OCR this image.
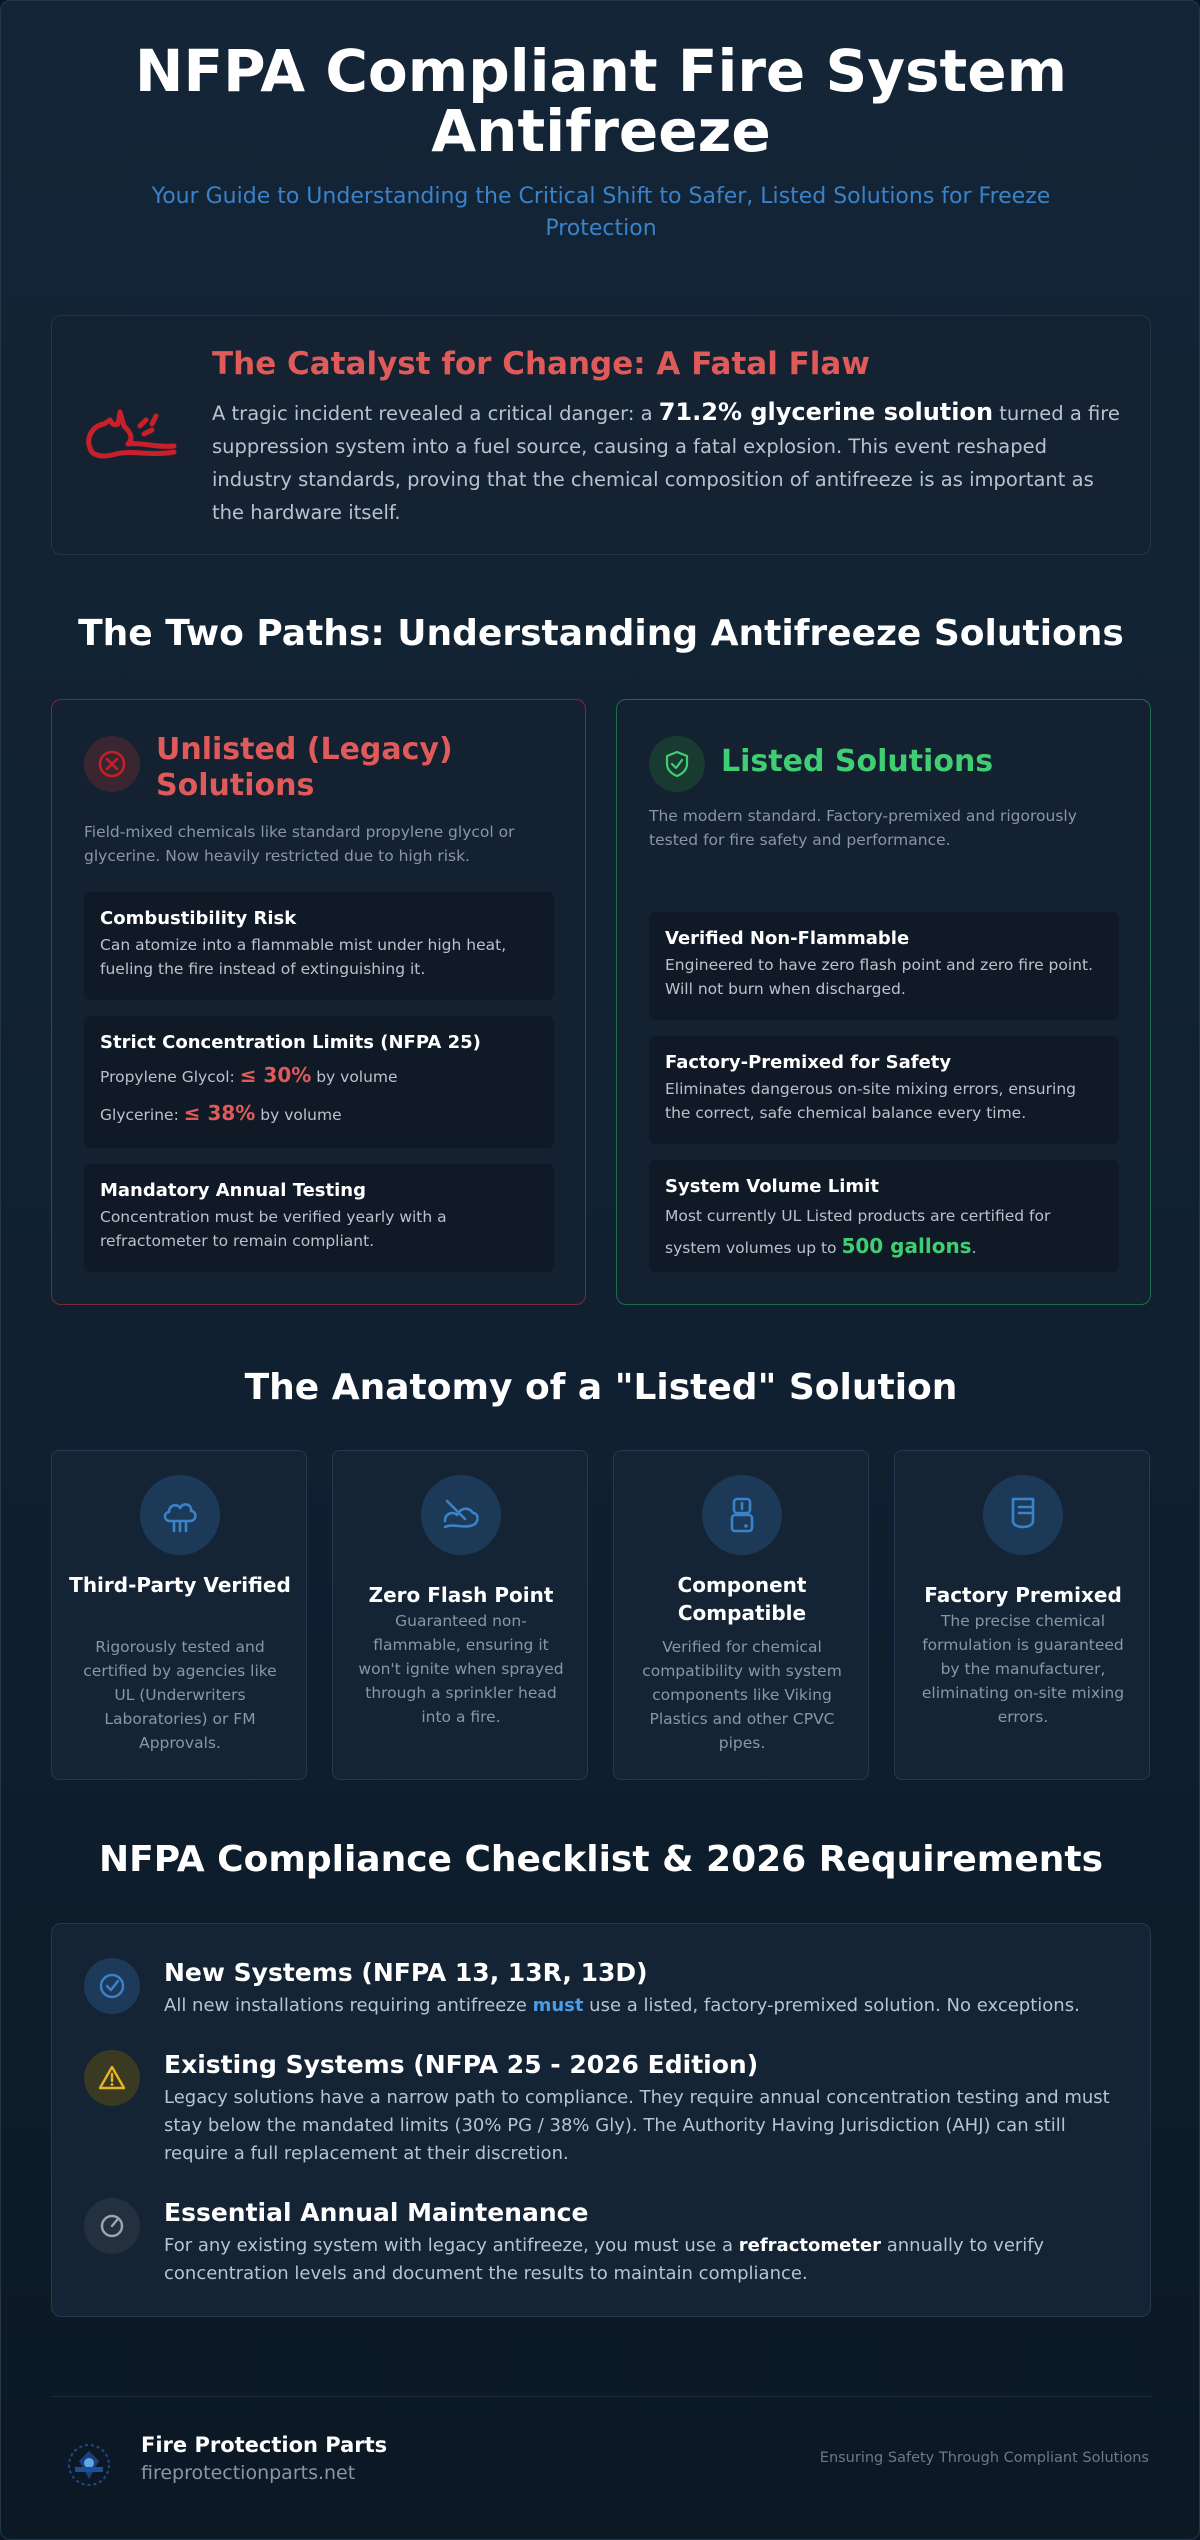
NFPA Compliant Fire System Antifreeze

Your Guide to Understanding the Critical Shift to Safer, Listed Solutions for Freeze Protection

The Catalyst for Change: A Fatal Flaw

A tragic incident revealed a critical danger: a 71.2% glycerine solution turned a fire suppression system into a fuel source, causing a fatal explosion. This event reshaped industry standards, proving that the chemical composition of antifreeze is as important as the hardware itself.

The Two Paths: Understanding Antifreeze Solutions
Unlisted (Legacy) Solutions

Field-mixed chemicals like standard propylene glycol or glycerine. Now heavily restricted due to high risk.

Combustibility Risk
Can atomize into a flammable mist under high heat, fueling the fire instead of extinguishing it.
Strict Concentration Limits (NFPA 25)
Propylene Glycol: ≤ 30% by volume
Glycerine: ≤ 38% by volume
Mandatory Annual Testing
Concentration must be verified yearly with a refractometer to remain compliant.
Listed Solutions

The modern standard. Factory-premixed and rigorously tested for fire safety and performance.

Verified Non-Flammable
Engineered to have zero flash point and zero fire point. Will not burn when discharged.
Factory-Premixed for Safety
Eliminates dangerous on-site mixing errors, ensuring the correct, safe chemical balance every time.
System Volume Limit
Most currently UL Listed products are certified for system volumes up to 500 gallons.
The Anatomy of a "Listed" Solution
Third-Party Verified
Rigorously tested and certified by agencies like UL (Underwriters Laboratories) or FM Approvals.
Zero Flash Point
Guaranteed non-flammable, ensuring it won't ignite when sprayed through a sprinkler head into a fire.
Component Compatible
Verified for chemical compatibility with system components like Viking Plastics and other CPVC pipes.
Factory Premixed
The precise chemical formulation is guaranteed by the manufacturer, eliminating on-site mixing errors.
NFPA Compliance Checklist & 2026 Requirements
New Systems (NFPA 13, 13R, 13D)
All new installations requiring antifreeze must use a listed, factory-premixed solution. No exceptions.
Existing Systems (NFPA 25 - 2026 Edition)
Legacy solutions have a narrow path to compliance. They require annual concentration testing and must stay below the mandated limits (30% PG / 38% Gly). The Authority Having Jurisdiction (AHJ) can still require a full replacement at their discretion.
Essential Annual Maintenance
For any existing system with legacy antifreeze, you must use a refractometer annually to verify concentration levels and document the results to maintain compliance.
Fire Protection Parts
fireprotectionparts.net
Ensuring Safety Through Compliant Solutions
